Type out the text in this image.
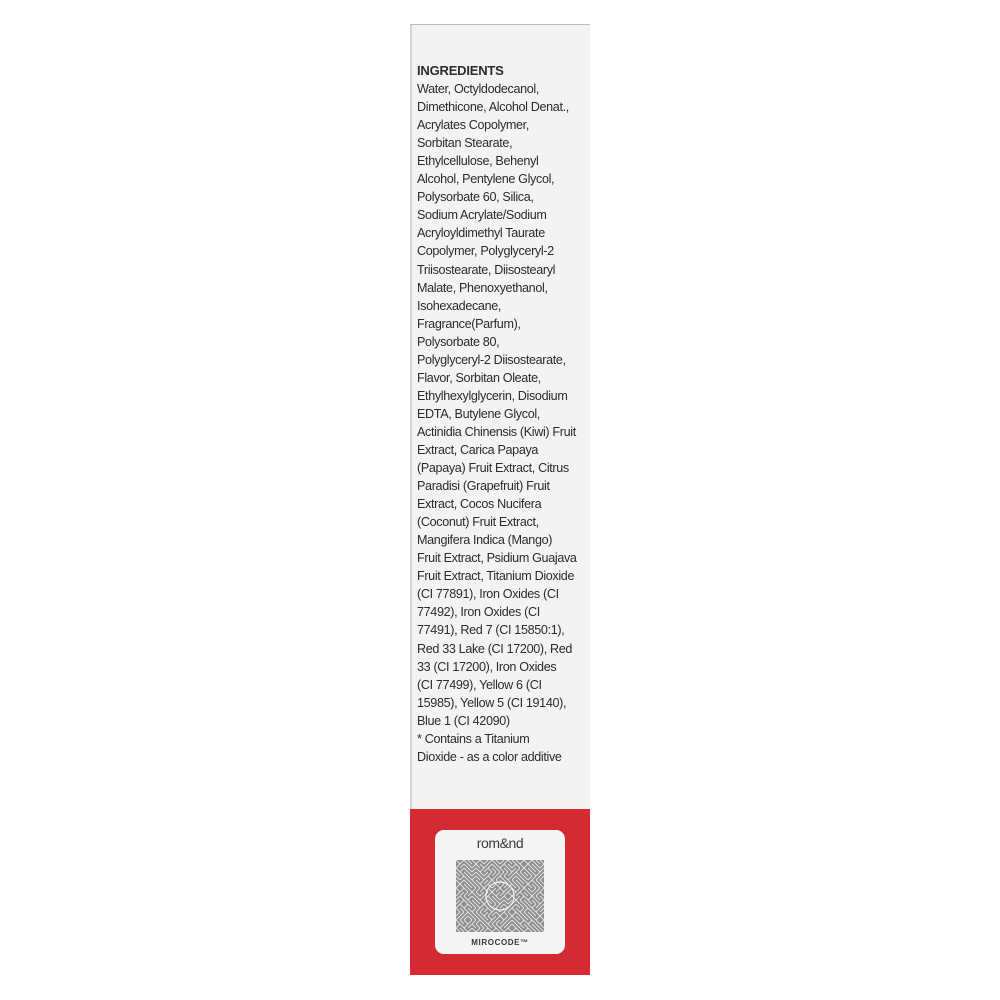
INGREDIENTS
Water, Octyldodecanol,
Dimethicone, Alcohol Denat.,
Acrylates Copolymer,
Sorbitan Stearate,
Ethylcellulose, Behenyl
Alcohol, Pentylene Glycol,
Polysorbate 60, Silica,
Sodium Acrylate/Sodium
Acryloyldimethyl Taurate
Copolymer, Polyglyceryl-2
Triisostearate, Diisostearyl
Malate, Phenoxyethanol,
Isohexadecane,
Fragrance(Parfum),
Polysorbate 80,
Polyglyceryl-2 Diisostearate,
Flavor, Sorbitan Oleate,
Ethylhexylglycerin, Disodium
EDTA, Butylene Glycol,
Actinidia Chinensis (Kiwi) Fruit
Extract, Carica Papaya
(Papaya) Fruit Extract, Citrus
Paradisi (Grapefruit) Fruit
Extract, Cocos Nucifera
(Coconut) Fruit Extract,
Mangifera Indica (Mango)
Fruit Extract, Psidium Guajava
Fruit Extract, Titanium Dioxide
(CI 77891), Iron Oxides (CI
77492), Iron Oxides (CI
77491), Red 7 (CI 15850:1),
Red 33 Lake (CI 17200), Red
33 (CI 17200), Iron Oxides
(CI 77499), Yellow 6 (CI
15985), Yellow 5 (CI 19140),
Blue 1 (CI 42090)
* Contains a Titanium
Dioxide - as a color additive
rom&nd
MIROCODE™
